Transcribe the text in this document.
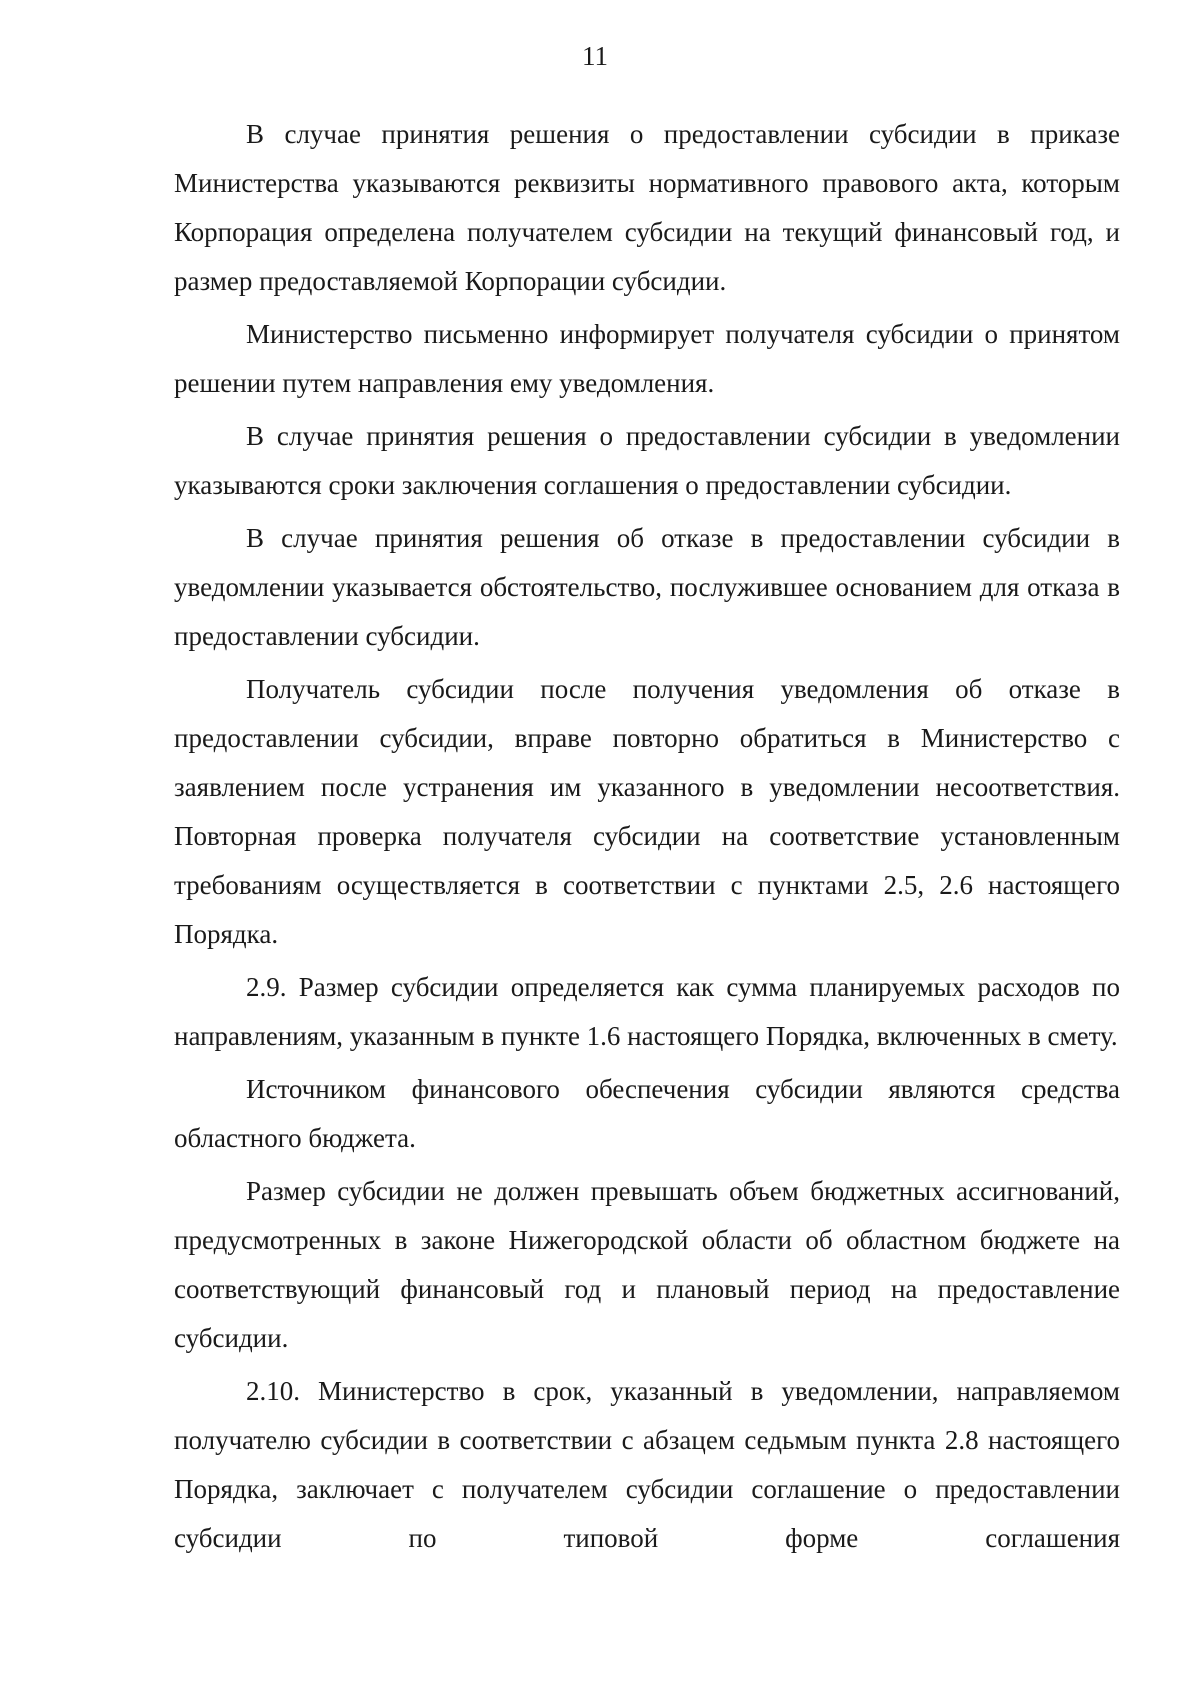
11

В случае принятия решения о предоставлении субсидии в приказе Министерства указываются реквизиты нормативного правового акта, которым Корпорация определена получателем субсидии на текущий финансовый год, и размер предоставляемой Корпорации субсидии.

Министерство письменно информирует получателя субсидии о принятом решении путем направления ему уведомления.

В случае принятия решения о предоставлении субсидии в уведомлении указываются сроки заключения соглашения о предоставлении субсидии.

В случае принятия решения об отказе в предоставлении субсидии в уведомлении указывается обстоятельство, послужившее основанием для отказа в предоставлении субсидии.

Получатель субсидии после получения уведомления об отказе в предоставлении субсидии, вправе повторно обратиться в Министерство с заявлением после устранения им указанного в уведомлении несоответствия. Повторная проверка получателя субсидии на соответствие установленным требованиям осуществляется в соответствии с пунктами 2.5, 2.6 настоящего Порядка.

2.9. Размер субсидии определяется как сумма планируемых расходов по направлениям, указанным в пункте 1.6 настоящего Порядка, включенных в смету.

Источником финансового обеспечения субсидии являются средства областного бюджета.

Размер субсидии не должен превышать объем бюджетных ассигнований, предусмотренных в законе Нижегородской области об областном бюджете на соответствующий финансовый год и плановый период на предоставление субсидии.

2.10. Министерство в срок, указанный в уведомлении, направляемом получателю субсидии в соответствии с абзацем седьмым пункта 2.8 настоящего Порядка, заключает с получателем субсидии соглашение о предоставлении субсидии по типовой форме соглашения
